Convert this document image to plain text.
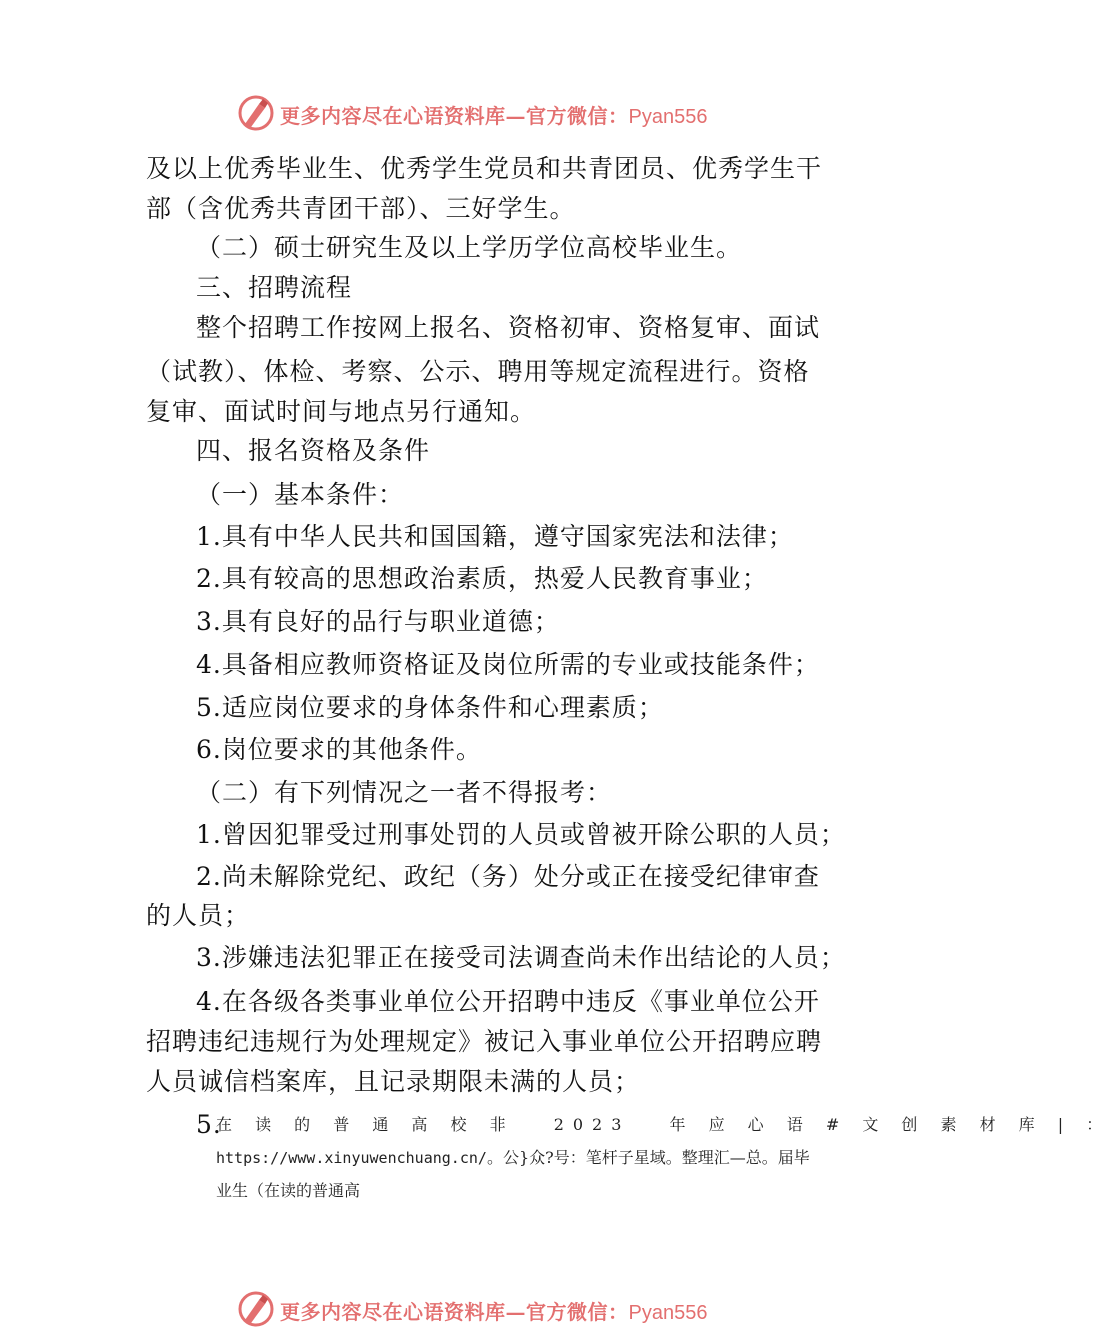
更多内容尽在心语资料库—官方微信：Pyan556
及以上优秀毕业生、优秀学生党员和共青团员、优秀学生干
部（含优秀共青团干部）、三好学生。
（二）硕士研究生及以上学历学位高校毕业生。
三、招聘流程
整个招聘工作按网上报名、资格初审、资格复审、面试
（试教）、体检、考察、公示、聘用等规定流程进行。资格
复审、面试时间与地点另行通知。
四、报名资格及条件
（一）基本条件：
1.具有中华人民共和国国籍，遵守国家宪法和法律；
2.具有较高的思想政治素质，热爱人民教育事业；
3.具有良好的品行与职业道德；
4.具备相应教师资格证及岗位所需的专业或技能条件；
5.适应岗位要求的身体条件和心理素质；
6.岗位要求的其他条件。
（二）有下列情况之一者不得报考：
1.曾因犯罪受过刑事处罚的人员或曾被开除公职的人员；
2.尚未解除党纪、政纪（务）处分或正在接受纪律审查
的人员；
3.涉嫌违法犯罪正在接受司法调查尚未作出结论的人员；
4.在各级各类事业单位公开招聘中违反《事业单位公开
招聘违纪违规行为处理规定》被记入事业单位公开招聘应聘
人员诚信档案库，且记录期限未满的人员；
5.
在 读 的 普 通 高 校 非　 2023　 年 应 心 语 # 文 创 素 材 库 | ：
https://www.xinyuwenchuang.cn/。公}众?号：笔杆子星域。整理汇—总。届毕
业生（在读的普通高
更多内容尽在心语资料库—官方微信：Pyan556
